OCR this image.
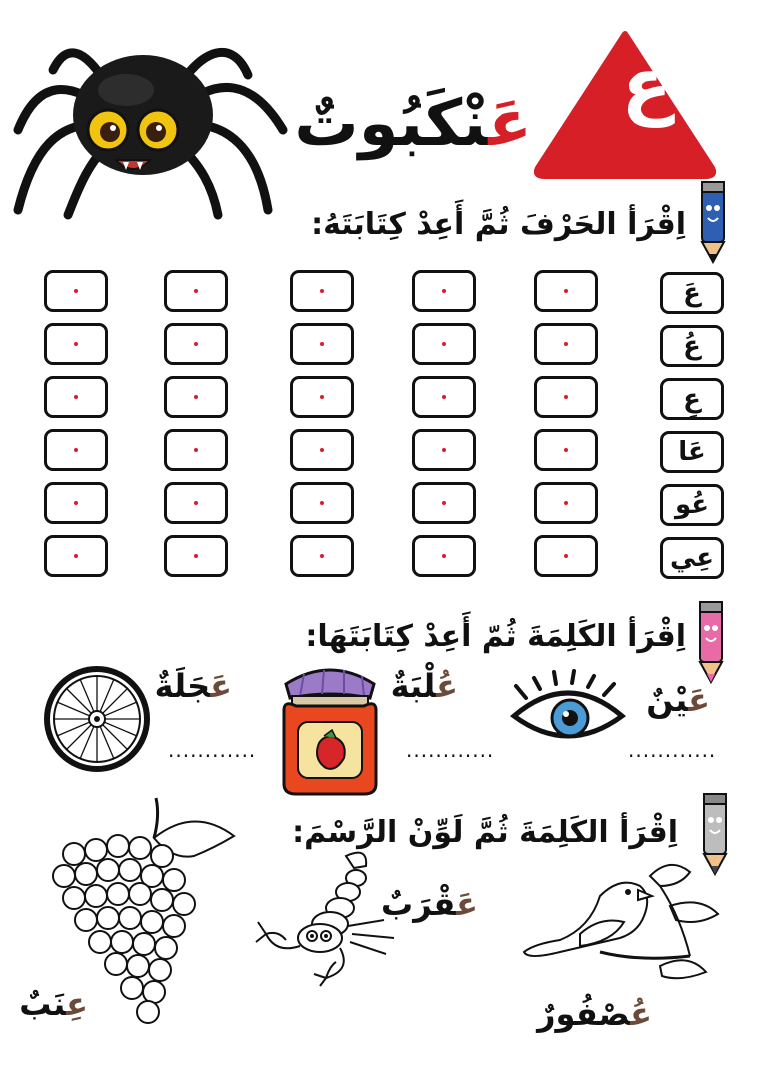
ع
عَنْكَبُوتٌ
اِقْرَأ الحَرْفَ ثُمَّ أَعِدْ كِتَابَتَهُ:
عَ
عُ
عِ
عَا
عُو
عِي
اِقْرَأ الكَلِمَةَ ثُمّ أَعِدْ كِتَابَتَهَا:
عَيْنٌ
............
عُلْبَةٌ
............
عَجَلَةٌ
............
اِقْرَأ الكَلِمَةَ ثُمَّ لَوِّنْ الرَّسْمَ:
عِنَبٌ
عَقْرَبٌ
عُصْفُورٌ
